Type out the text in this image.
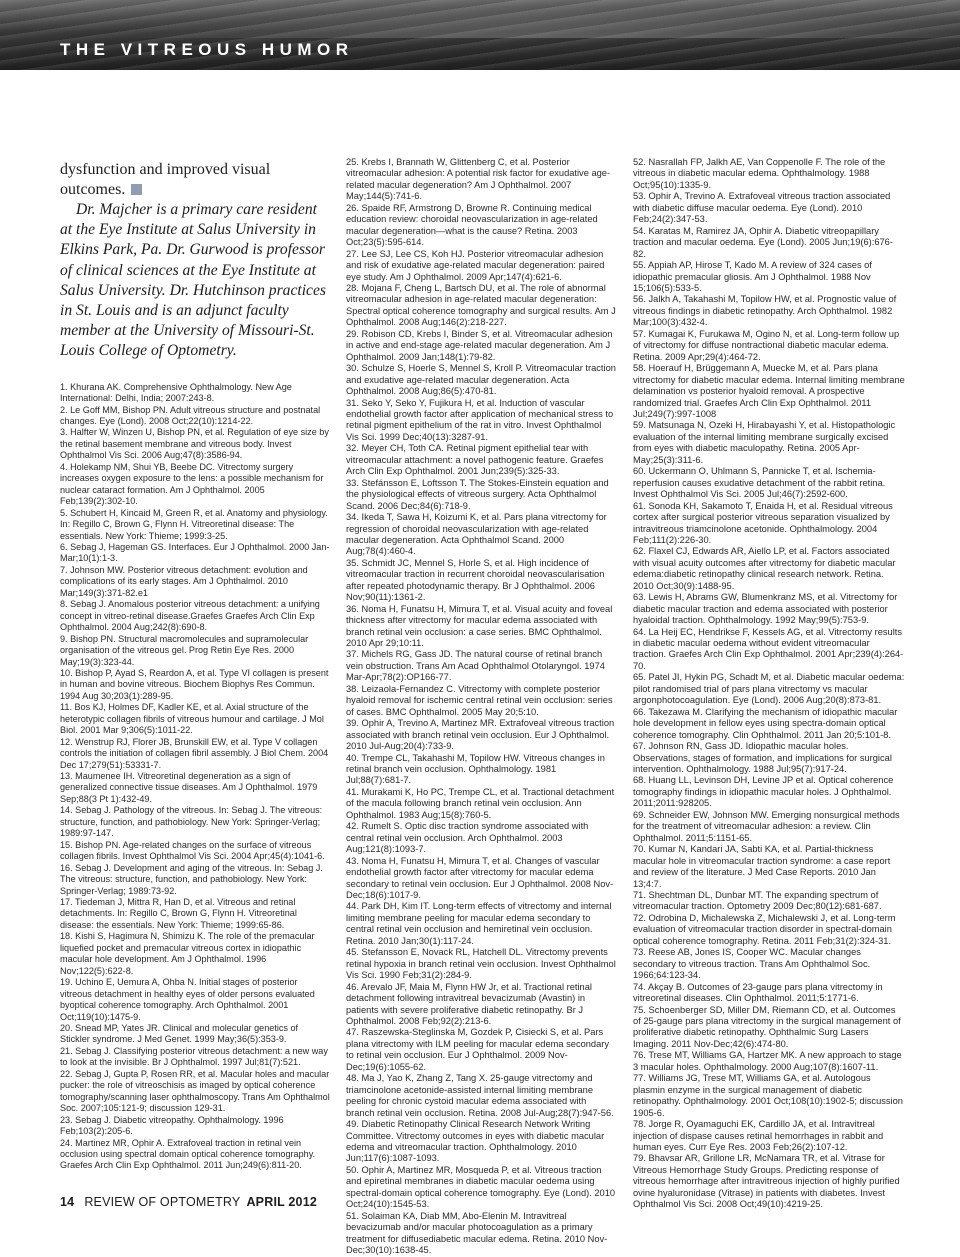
THE VITREOUS HUMOR
dysfunction and improved visual outcomes.

Dr. Majcher is a primary care resident at the Eye Institute at Salus University in Elkins Park, Pa. Dr. Gurwood is professor of clinical sciences at the Eye Institute at Salus University. Dr. Hutchinson practices in St. Louis and is an adjunct faculty member at the University of Missouri-St. Louis College of Optometry.

1. Khurana AK. Comprehensive Ophthalmology. New Age International: Delhi, India; 2007:243-8.

2. Le Goff MM, Bishop PN. Adult vitreous structure and postnatal changes. Eye (Lond). 2008 Oct;22(10):1214-22.

3. Halfter W, Winzen U, Bishop PN, et al. Regulation of eye size by the retinal basement membrane and vitreous body. Invest Ophthalmol Vis Sci. 2006 Aug;47(8):3586-94.

4. Holekamp NM, Shui YB, Beebe DC. Vitrectomy surgery increases oxygen exposure to the lens: a possible mechanism for nuclear cataract formation. Am J Ophthalmol. 2005 Feb;139(2):302-10.

5. Schubert H, Kincaid M, Green R, et al. Anatomy and physiology. In: Regillo C, Brown G, Flynn H. Vitreoretinal disease: The essentials. New York: Thieme; 1999:3-25.

6. Sebag J, Hageman GS. Interfaces. Eur J Ophthalmol. 2000 Jan-Mar;10(1):1-3.

7. Johnson MW. Posterior vitreous detachment: evolution and complications of its early stages. Am J Ophthalmol. 2010 Mar;149(3):371-82.e1

8. Sebag J. Anomalous posterior vitreous detachment: a unifying concept in vitreo-retinal disease.Graefes Graefes Arch Clin Exp Ophthalmol. 2004 Aug;242(8):690-8.

9. Bishop PN. Structural macromolecules and supramolecular organisation of the vitreous gel. Prog Retin Eye Res. 2000 May;19(3):323-44.

10. Bishop P, Ayad S, Reardon A, et al. Type VI collagen is present in human and bovine vitreous. Biochem Biophys Res Commun. 1994 Aug 30;203(1):289-95.

11. Bos KJ, Holmes DF, Kadler KE, et al. Axial structure of the heterotypic collagen fibrils of vitreous humour and cartilage. J Mol Biol. 2001 Mar 9;306(5):1011-22.

12. Wenstrup RJ, Florer JB, Brunskill EW, et al. Type V collagen controls the initiation of collagen fibril assembly. J Biol Chem. 2004 Dec 17;279(51):53331-7.

13. Maumenee IH. Vitreoretinal degeneration as a sign of generalized connective tissue diseases. Am J Ophthalmol. 1979 Sep;88(3 Pt 1):432-49.

14. Sebag J. Pathology of the vitreous. In: Sebag J. The vitreous: structure, function, and pathobiology. New York: Springer-Verlag; 1989:97-147.

15. Bishop PN. Age-related changes on the surface of vitreous collagen fibrils. Invest Ophthalmol Vis Sci. 2004 Apr;45(4):1041-6.

16. Sebag J. Development and aging of the vitreous. In: Sebag J. The vitreous: structure, function, and pathobiology. New York: Springer-Verlag; 1989:73-92.

17. Tiedeman J, Mittra R, Han D, et al. Vitreous and retinal detachments. In: Regillo C, Brown G, Flynn H. Vitreoretinal disease: the essentials. New York: Thieme; 1999:65-86.

18. Kishi S, Hagimura N, Shimizu K. The role of the premacular liquefied pocket and premacular vitreous cortex in idiopathic macular hole development. Am J Ophthalmol. 1996 Nov;122(5):622-8.

19. Uchino E, Uemura A, Ohba N. Initial stages of posterior vitreous detachment in healthy eyes of older persons evaluated byoptical coherence tomography. Arch Ophthalmol. 2001 Oct;119(10):1475-9.

20. Snead MP, Yates JR. Clinical and molecular genetics of Stickler syndrome. J Med Genet. 1999 May;36(5):353-9.

21. Sebag J. Classifying posterior vitreous detachment: a new way to look at the invisible. Br J Ophthalmol. 1997 Jul;81(7):521.

22. Sebag J, Gupta P, Rosen RR, et al. Macular holes and macular pucker: the role of vitreoschisis as imaged by optical coherence tomography/scanning laser ophthalmoscopy. Trans Am Ophthalmol Soc. 2007;105:121-9; discussion 129-31.

23. Sebag J. Diabetic vitreopathy. Ophthalmology. 1996 Feb;103(2):205-6.

24. Martinez MR, Ophir A. Extrafoveal traction in retinal vein occlusion using spectral domain optical coherence tomography. Graefes Arch Clin Exp Ophthalmol. 2011 Jun;249(6):811-20.

25. Krebs I, Brannath W, Glittenberg C, et al. Posterior vitreomacular adhesion: A potential risk factor for exudative age-related macular degeneration? Am J Ophthalmol. 2007 May;144(5):741-6.

26. Spaide RF, Armstrong D, Browne R. Continuing medical education review: choroidal neovascularization in age-related macular degeneration—what is the cause? Retina. 2003 Oct;23(5):595-614.

27. Lee SJ, Lee CS, Koh HJ. Posterior vitreomacular adhesion and risk of exudative age-related macular degeneration: paired eye study. Am J Ophthalmol. 2009 Apr;147(4):621-6.

28. Mojana F, Cheng L, Bartsch DU, et al. The role of abnormal vitreomacular adhesion in age-related macular degeneration: Spectral optical coherence tomography and surgical results. Am J Ophthalmol. 2008 Aug;146(2):218-227.

29. Robison CD, Krebs I, Binder S, et al. Vitreomacular adhesion in active and end-stage age-related macular degeneration. Am J Ophthalmol. 2009 Jan;148(1):79-82.

30. Schulze S, Hoerle S, Mennel S, Kroll P. Vitreomacular traction and exudative age-related macular degeneration. Acta Ophthalmol. 2008 Aug;86(5):470-81.

31. Seko Y, Seko Y, Fujikura H, et al. Induction of vascular endothelial growth factor after application of mechanical stress to retinal pigment epithelium of the rat in vitro. Invest Ophthalmol Vis Sci. 1999 Dec;40(13):3287-91.

32. Meyer CH, Toth CA. Retinal pigment epithelial tear with vitreomacular attachment: a novel pathogenic feature. Graefes Arch Clin Exp Ophthalmol. 2001 Jun;239(5):325-33.

33. Stefánsson E, Loftsson T. The Stokes-Einstein equation and the physiological effects of vitreous surgery. Acta Ophthalmol Scand. 2006 Dec;84(6):718-9.

34. Ikeda T, Sawa H, Koizumi K, et al. Pars plana vitrectomy for regression of choroidal neovascularization with age-related macular degeneration. Acta Ophthalmol Scand. 2000 Aug;78(4):460-4.

35. Schmidt JC, Mennel S, Horle S, et al. High incidence of vitreomacular traction in recurrent choroidal neovascularisation after repeated photodynamic therapy. Br J Ophthalmol. 2006 Nov;90(11):1361-2.

36. Noma H, Funatsu H, Mimura T, et al. Visual acuity and foveal thickness after vitrectomy for macular edema associated with branch retinal vein occlusion: a case series. BMC Ophthalmol. 2010 Apr 29;10:11.

37. Michels RG, Gass JD. The natural course of retinal branch vein obstruction. Trans Am Acad Ophthalmol Otolaryngol. 1974 Mar-Apr;78(2):OP166-77.

38. Leizaola-Fernandez C. Vitrectomy with complete posterior hyaloid removal for ischemic central retinal vein occlusion: series of cases. BMC Ophthalmol. 2005 May 20;5:10.

39. Ophir A, Trevino A, Martinez MR. Extrafoveal vitreous traction associated with branch retinal vein occlusion. Eur J Ophthalmol. 2010 Jul-Aug;20(4):733-9.

40. Trempe CL, Takahashi M, Topilow HW. Vitreous changes in retinal branch vein occlusion. Ophthalmology. 1981 Jul;88(7):681-7.

41. Murakami K, Ho PC, Trempe CL, et al. Tractional detachment of the macula following branch retinal vein occlusion. Ann Ophthalmol. 1983 Aug;15(8):760-5.

42. Rumelt S. Optic disc traction syndrome associated with central retinal vein occlusion. Arch Ophthalmol. 2003 Aug;121(8):1093-7.

43. Noma H, Funatsu H, Mimura T, et al. Changes of vascular endothelial growth factor after vitrectomy for macular edema secondary to retinal vein occlusion. Eur J Ophthalmol. 2008 Nov-Dec;18(6):1017-9.

44. Park DH, Kim IT. Long-term effects of vitrectomy and internal limiting membrane peeling for macular edema secondary to central retinal vein occlusion and hemiretinal vein occlusion. Retina. 2010 Jan;30(1):117-24.

45. Stefansson E, Novack RL, Hatchell DL. Vitrectomy prevents retinal hypoxia in branch retinal vein occlusion. Invest Ophthalmol Vis Sci. 1990 Feb;31(2):284-9.

46. Arevalo JF, Maia M, Flynn HW Jr, et al. Tractional retinal detachment following intravitreal bevacizumab (Avastin) in patients with severe proliferative diabetic retinopathy. Br J Ophthalmol. 2008 Feb;92(2):213-6.

47. Raszewska-Steglinska M, Gozdek P, Cisiecki S, et al. Pars plana vitrectomy with ILM peeling for macular edema secondary to retinal vein occlusion. Eur J Ophthalmol. 2009 Nov-Dec;19(6):1055-62.

48. Ma J, Yao K, Zhang Z, Tang X. 25-gauge vitrectomy and triamcinolone acetonide-assisted internal limiting membrane peeling for chronic cystoid macular edema associated with branch retinal vein occlusion. Retina. 2008 Jul-Aug;28(7):947-56.

49. Diabetic Retinopathy Clinical Research Network Writing Committee. Vitrectomy outcomes in eyes with diabetic macular edema and vitreomacular traction. Ophthalmology. 2010 Jun;117(6):1087-1093.

50. Ophir A, Martinez MR, Mosqueda P, et al. Vitreous traction and epiretinal membranes in diabetic macular oedema using spectral-domain optical coherence tomography. Eye (Lond). 2010 Oct;24(10):1545-53.

51. Solaiman KA, Diab MM, Abo-Elenin M. Intravitreal bevacizumab and/or macular photocoagulation as a primary treatment for diffusediabetic macular edema. Retina. 2010 Nov-Dec;30(10):1638-45.

52. Nasrallah FP, Jalkh AE, Van Coppenolle F. The role of the vitreous in diabetic macular edema. Ophthalmology. 1988 Oct;95(10):1335-9.

53. Ophir A, Trevino A. Extrafoveal vitreous traction associated with diabetic diffuse macular oedema. Eye (Lond). 2010 Feb;24(2):347-53.

54. Karatas M, Ramirez JA, Ophir A. Diabetic vitreopapillary traction and macular oedema. Eye (Lond). 2005 Jun;19(6):676-82.

55. Appiah AP, Hirose T, Kado M. A review of 324 cases of idiopathic premacular gliosis. Am J Ophthalmol. 1988 Nov 15;106(5):533-5.

56. Jalkh A, Takahashi M, Topilow HW, et al. Prognostic value of vitreous findings in diabetic retinopathy. Arch Ophthalmol. 1982 Mar;100(3):432-4.

57. Kumagai K, Furukawa M, Ogino N, et al. Long-term follow up of vitrectomy for diffuse nontractional diabetic macular edema. Retina. 2009 Apr;29(4):464-72.

58. Hoerauf H, Brüggemann A, Muecke M, et al. Pars plana vitrectomy for diabetic macular edema. Internal limiting membrane delamination vs posterior hyaloid removal. A prospective randomized trial. Graefes Arch Clin Exp Ophthalmol. 2011 Jul;249(7):997-1008

59. Matsunaga N, Ozeki H, Hirabayashi Y, et al. Histopathologic evaluation of the internal limiting membrane surgically excised from eyes with diabetic maculopathy. Retina. 2005 Apr-May;25(3):311-6.

60. Uckermann O, Uhlmann S, Pannicke T, et al. Ischemia-reperfusion causes exudative detachment of the rabbit retina. Invest Ophthalmol Vis Sci. 2005 Jul;46(7):2592-600.

61. Sonoda KH, Sakamoto T, Enaida H, et al. Residual vitreous cortex after surgical posterior vitreous separation visualized by intravitreous triamcinolone acetonide. Ophthalmology. 2004 Feb;111(2):226-30.

62. Flaxel CJ, Edwards AR, Aiello LP, et al. Factors associated with visual acuity outcomes after vitrectomy for diabetic macular edema:diabetic retinopathy clinical research network. Retina. 2010 Oct;30(9):1488-95.

63. Lewis H, Abrams GW, Blumenkranz MS, et al. Vitrectomy for diabetic macular traction and edema associated with posterior hyaloidal traction. Ophthalmology. 1992 May;99(5):753-9.

64. La Heij EC, Hendrikse F, Kessels AG, et al. Vitrectomy results in diabetic macular oedema without evident vitreomacular traction. Graefes Arch Clin Exp Ophthalmol. 2001 Apr;239(4):264-70.

65. Patel JI, Hykin PG, Schadt M, et al. Diabetic macular oedema: pilot randomised trial of pars plana vitrectomy vs macular argonphotocoagulation. Eye (Lond). 2006 Aug;20(8):873-81.

66. Takezawa M. Clarifying the mechanism of idiopathic macular hole development in fellow eyes using spectra-domain optical coherence tomography. Clin Ophthalmol. 2011 Jan 20;5:101-8.

67. Johnson RN, Gass JD. Idiopathic macular holes. Observations, stages of formation, and implications for surgical intervention. Ophthalmology. 1988 Jul;95(7):917-24.

68. Huang LL, Levinson DH, Levine JP et al. Optical coherence tomography findings in idiopathic macular holes. J Ophthalmol. 2011;2011:928205.

69. Schneider EW, Johnson MW. Emerging nonsurgical methods for the treatment of vitreomacular adhesion: a review. Clin Ophthalmol. 2011;5:1151-65.

70. Kumar N, Kandari JA, Sabti KA, et al. Partial-thickness macular hole in vitreomacular traction syndrome: a case report and review of the literature. J Med Case Reports. 2010 Jan 13;4:7.

71. Shechtman DL, Dunbar MT. The expanding spectrum of vitreomacular traction. Optometry 2009 Dec;80(12):681-687.

72. Odrobina D, Michalewska Z, Michalewski J, et al. Long-term evaluation of vitreomacular traction disorder in spectral-domain optical coherence tomography. Retina. 2011 Feb;31(2):324-31.

73. Reese AB, Jones IS, Cooper WC. Macular changes secondary to vitreous traction. Trans Am Ophthalmol Soc. 1966;64:123-34.

74. Akçay B. Outcomes of 23-gauge pars plana vitrectomy in vitreoretinal diseases. Clin Ophthalmol. 2011;5:1771-6.

75. Schoenberger SD, Miller DM, Riemann CD, et al. Outcomes of 25-gauge pars plana vitrectomy in the surgical management of proliferative diabetic retinopathy. Ophthalmic Surg Lasers Imaging. 2011 Nov-Dec;42(6):474-80.

76. Trese MT, Williams GA, Hartzer MK. A new approach to stage 3 macular holes. Ophthalmology. 2000 Aug;107(8):1607-11.

77. Williams JG, Trese MT, Williams GA, et al. Autologous plasmin enzyme in the surgical management of diabetic retinopathy. Ophthalmology. 2001 Oct;108(10):1902-5; discussion 1905-6.

78. Jorge R, Oyamaguchi EK, Cardillo JA, et al. Intravitreal injection of dispase causes retinal hemorrhages in rabbit and human eyes. Curr Eye Res. 2003 Feb;26(2):107-12.

79. Bhavsar AR, Grillone LR, McNamara TR, et al. Vitrase for Vitreous Hemorrhage Study Groups. Predicting response of vitreous hemorrhage after intravitreous injection of highly purified ovine hyaluronidase (Vitrase) in patients with diabetes. Invest Ophthalmol Vis Sci. 2008 Oct;49(10):4219-25.

14 REVIEW OF OPTOMETRY APRIL 2012
